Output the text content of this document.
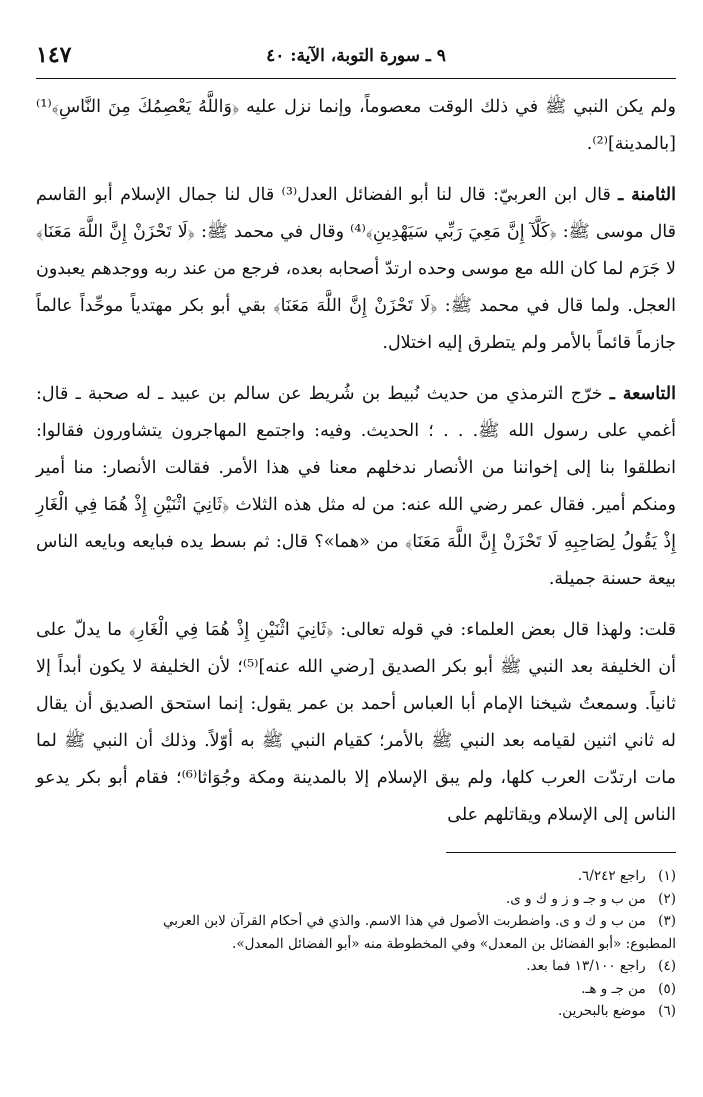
١٤٧	٩ ـ سورة التوبة، الآية: ٤٠

ولم يكن النبي ﷺ في ذلك الوقت معصوماً، وإنما نزل عليه ﴿وَاللَّهُ يَعْصِمُكَ مِنَ النَّاسِ﴾⁽¹⁾ [بالمدينة]⁽²⁾.

الثامنة ـ قال ابن العربيّ: قال لنا أبو الفضائل العدل⁽³⁾ قال لنا جمال الإسلام أبو القاسم قال موسى ﷺ: ﴿كَلَّآ إِنَّ مَعِيَ رَبِّي سَيَهْدِينِ﴾⁽⁴⁾ وقال في محمد ﷺ: ﴿لَا تَحْزَنْ إِنَّ اللَّهَ مَعَنَا﴾ لا جَرَم لما كان الله مع موسى وحده ارتدّ أصحابه بعده، فرجع من عند ربه ووجدهم يعبدون العجل. ولما قال في محمد ﷺ: ﴿لَا تَحْزَنْ إِنَّ اللَّهَ مَعَنَا﴾ بقي أبو بكر مهتدياً موحِّداً عالماً جازماً قائماً بالأمر ولم يتطرق إليه اختلال.

التاسعة ـ خرّج الترمذي من حديث نُبيط بن شُريط عن سالم بن عبيد ـ له صحبة ـ قال: أغمي على رسول الله ﷺ. . . ؛ الحديث. وفيه: واجتمع المهاجرون يتشاورون فقالوا: انطلقوا بنا إلى إخواننا من الأنصار ندخلهم معنا في هذا الأمر. فقالت الأنصار: منا أمير ومنكم أمير. فقال عمر رضي الله عنه: من له مثل هذه الثلاث ﴿ثَانِيَ اثْنَيْنِ إِذْ هُمَا فِي الْغَارِ إِذْ يَقُولُ لِصَاحِبِهِ لَا تَحْزَنْ إِنَّ اللَّهَ مَعَنَا﴾ من «هما»؟ قال: ثم بسط يده فبايعه وبايعه الناس بيعة حسنة جميلة.

قلت: ولهذا قال بعض العلماء: في قوله تعالى: ﴿ثَانِيَ اثْنَيْنِ إِذْ هُمَا فِي الْغَارِ﴾ ما يدلّ على أن الخليفة بعد النبي ﷺ أبو بكر الصديق [رضي الله عنه]⁽⁵⁾؛ لأن الخليفة لا يكون أبداً إلا ثانياً. وسمعتُ شيخنا الإمام أبا العباس أحمد بن عمر يقول: إنما استحق الصديق أن يقال له ثاني اثنين لقيامه بعد النبي ﷺ بالأمر؛ كقيام النبي ﷺ به أوّلاً. وذلك أن النبي ﷺ لما مات ارتدّت العرب كلها، ولم يبق الإسلام إلا بالمدينة ومكة وجُوَاثا⁽⁶⁾؛ فقام أبو بكر يدعو الناس إلى الإسلام ويقاتلهم على

(١) راجع ٦/٢٤٢.

(٢) من ب و جـ و ز و ك و ى.

(٣) من ب و ك و ى. واضطربت الأصول في هذا الاسم. والذي في أحكام القرآن لابن العربي

المطبوع: «أبو الفضائل بن المعدل» وفي المخطوطة منه «أبو الفضائل المعدل».

(٤) راجع ١٣/١٠٠ فما بعد.

(٥) من جـ و هـ.

(٦) موضع بالبحرين.
